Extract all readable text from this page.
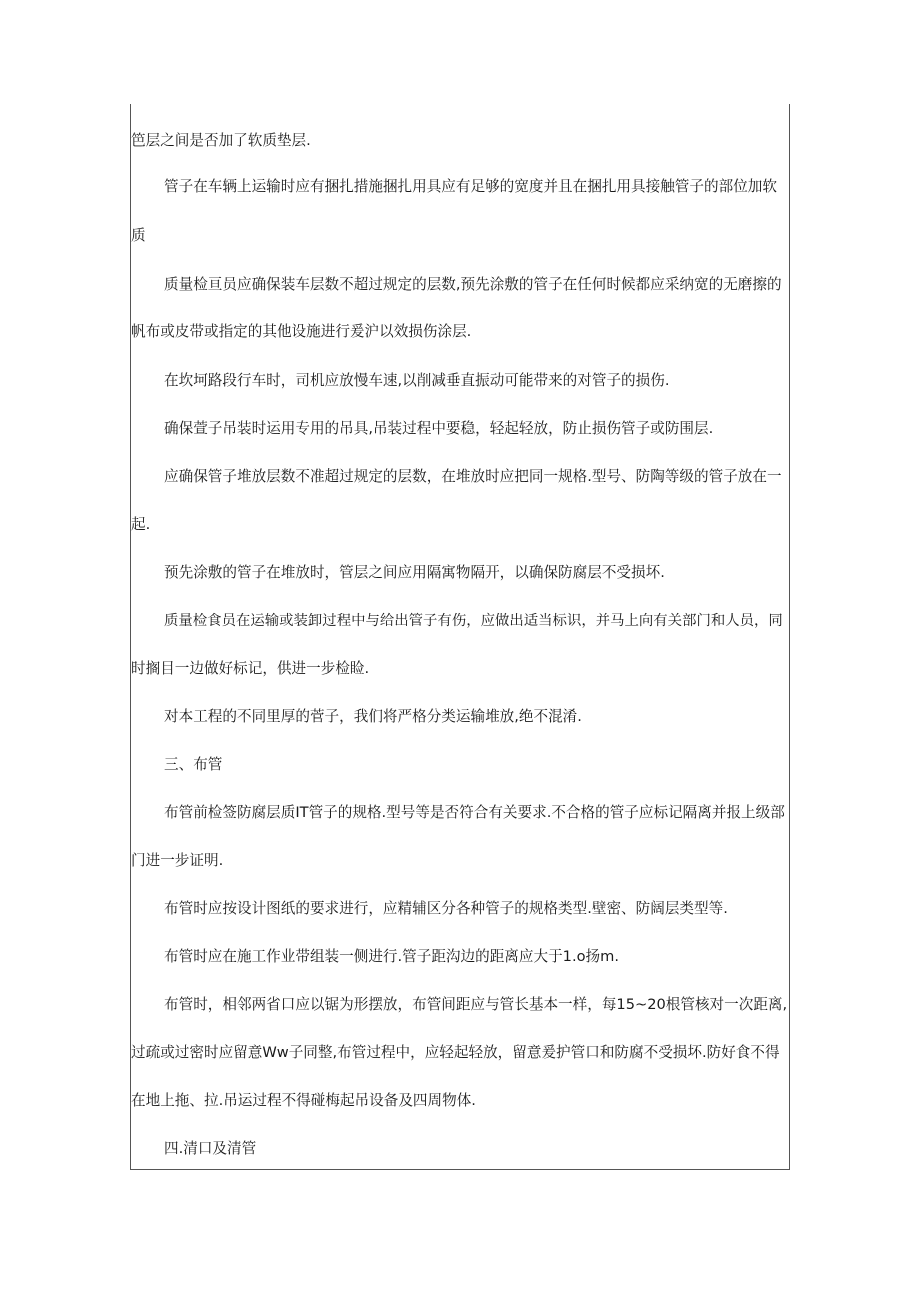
笆层之间是否加了软质垫层.
管子在车辆上运输时应有捆扎措施捆扎用具应有足够的宽度并且在捆扎用具接触管子的部位加软
质
质量检亘员应确保装车层数不超过规定的层数,预先涂敷的管子在任何时候都应采纳宽的无磨擦的
帆布或皮带或指定的其他设施进行爰沪以效损伤涂层.
在坎坷路段行车时，司机应放慢车速,以削减垂直振动可能带来的对管子的损伤.
确保萱子吊装时运用专用的吊具,吊装过程中要稳，轻起轻放，防止损伤管子或防围层.
应确保管子堆放层数不准超过规定的层数，在堆放时应把同一规格.型号、防陶等级的管子放在一
起.
预先涂敷的管子在堆放时，管层之间应用隔寓物隔开，以确保防腐层不受损坏.
质量检食员在运输或装卸过程中与给出管子有伤，应做出适当标识，并马上向有关部门和人员，同
时搁目一边做好标记，供进一步检睑.
对本工程的不同里厚的菅子，我们将严格分类运输堆放,绝不混淆.
三、布管
布管前检签防腐层质IT管子的规格.型号等是否符合有关要求.不合格的管子应标记隔离并报上级部
门进一步证明.
布管时应按设计图纸的要求进行，应精辅区分各种管子的规格类型.壁密、防阔层类型等.
布管时应在施工作业带组装一侧进行.管子距沟边的距离应大于1.o扬m.
布管时，相邻两省口应以锯为形摆放，布管间距应与管长基本一样，每15~20根管核对一次距离,
过疏或过密时应留意Ww子同整,布管过程中，应轻起轻放，留意爰护管口和防腐不受损坏.防好食不得
在地上拖、拉.吊运过程不得碰梅起吊设备及四周物体.
四.清口及清管
